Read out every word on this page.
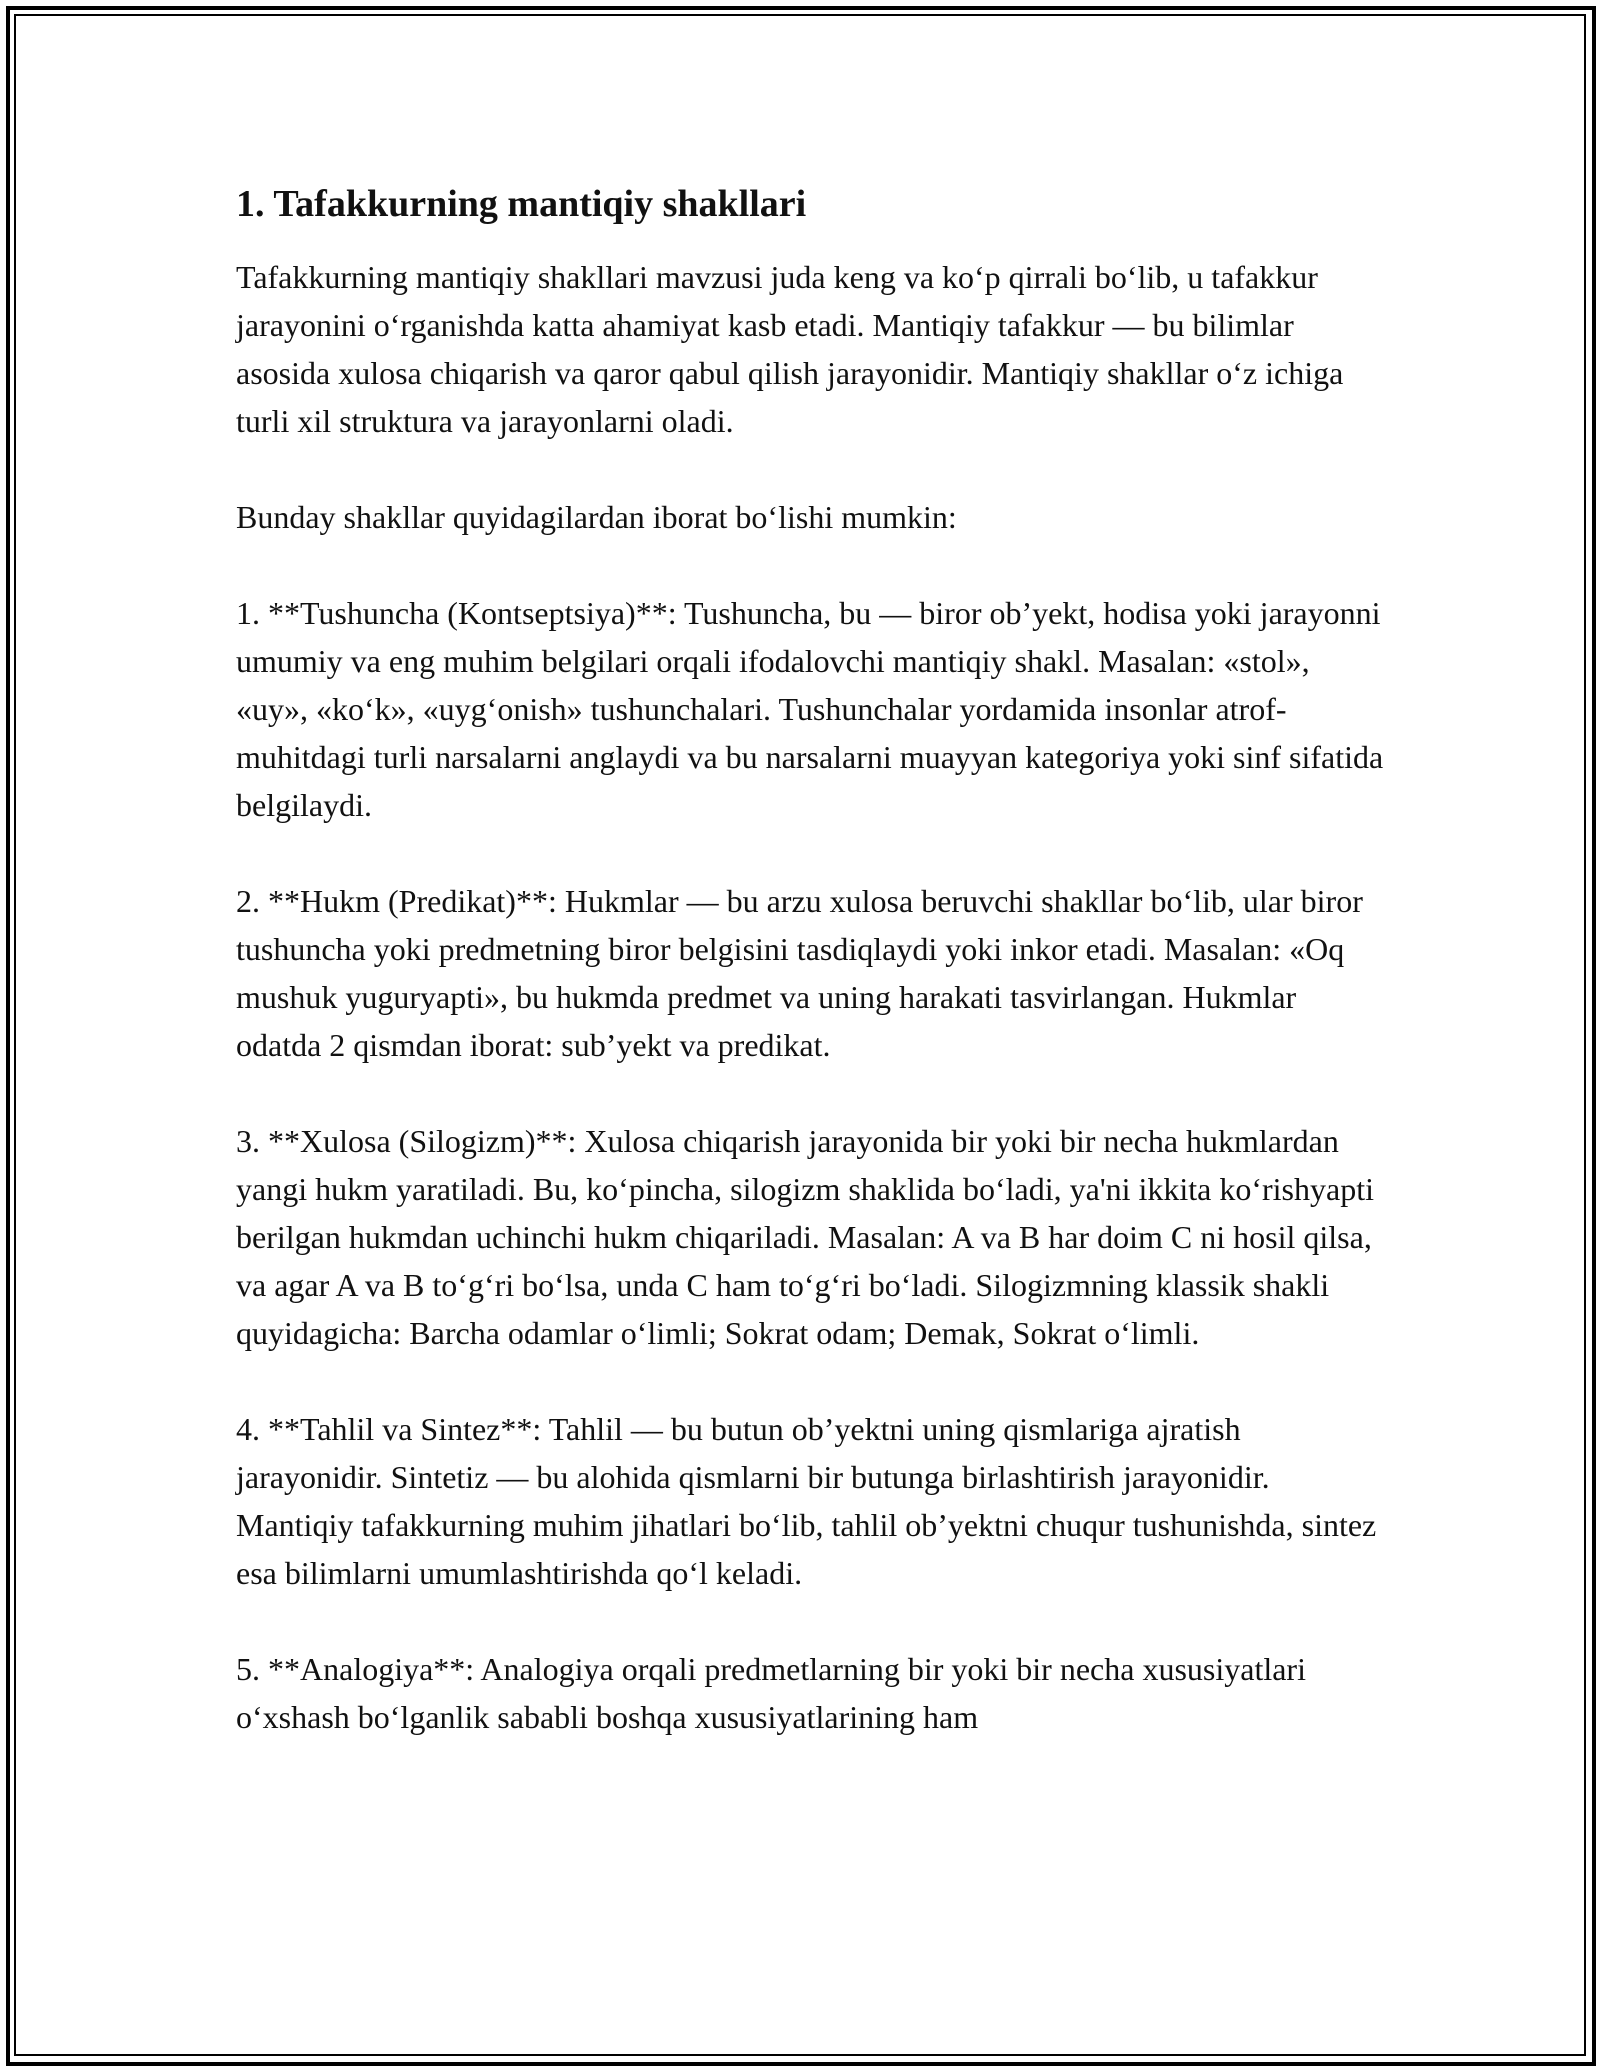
1. Tafakkurning mantiqiy shakllari

Tafakkurning mantiqiy shakllari mavzusi juda keng va ko‘p qirrali bo‘lib, u tafakkur jarayonini o‘rganishda katta ahamiyat kasb etadi. Mantiqiy tafakkur — bu bilimlar asosida xulosa chiqarish va qaror qabul qilish jarayonidir. Mantiqiy shakllar o‘z ichiga turli xil struktura va jarayonlarni oladi.

Bunday shakllar quyidagilardan iborat bo‘lishi mumkin:

1. **Tushuncha (Kontseptsiya)**: Tushuncha, bu — biror ob’yekt, hodisa yoki jarayonni umumiy va eng muhim belgilari orqali ifodalovchi mantiqiy shakl. Masalan: «stol», «uy», «ko‘k», «uyg‘onish» tushunchalari. Tushunchalar yordamida insonlar atrof-muhitdagi turli narsalarni anglaydi va bu narsalarni muayyan kategoriya yoki sinf sifatida belgilaydi.

2. **Hukm (Predikat)**: Hukmlar — bu arzu xulosa beruvchi shakllar bo‘lib, ular biror tushuncha yoki predmetning biror belgisini tasdiqlaydi yoki inkor etadi. Masalan: «Oq mushuk yuguryapti», bu hukmda predmet va uning harakati tasvirlangan. Hukmlar odatda 2 qismdan iborat: sub’yekt va predikat.

3. **Xulosa (Silogizm)**: Xulosa chiqarish jarayonida bir yoki bir necha hukmlardan yangi hukm yaratiladi. Bu, ko‘pincha, silogizm shaklida bo‘ladi, ya'ni ikkita ko‘rishyapti berilgan hukmdan uchinchi hukm chiqariladi. Masalan: A va B har doim C ni hosil qilsa, va agar A va B to‘g‘ri bo‘lsa, unda C ham to‘g‘ri bo‘ladi. Silogizmning klassik shakli quyidagicha: Barcha odamlar o‘limli; Sokrat odam; Demak, Sokrat o‘limli.

4. **Tahlil va Sintez**: Tahlil — bu butun ob’yektni uning qismlariga ajratish jarayonidir. Sintetiz — bu alohida qismlarni bir butunga birlashtirish jarayonidir. Mantiqiy tafakkurning muhim jihatlari bo‘lib, tahlil ob’yektni chuqur tushunishda, sintez esa bilimlarni umumlashtirishda qo‘l keladi.

5. **Analogiya**: Analogiya orqali predmetlarning bir yoki bir necha xususiyatlari o‘xshash bo‘lganlik sababli boshqa xususiyatlarining ham
